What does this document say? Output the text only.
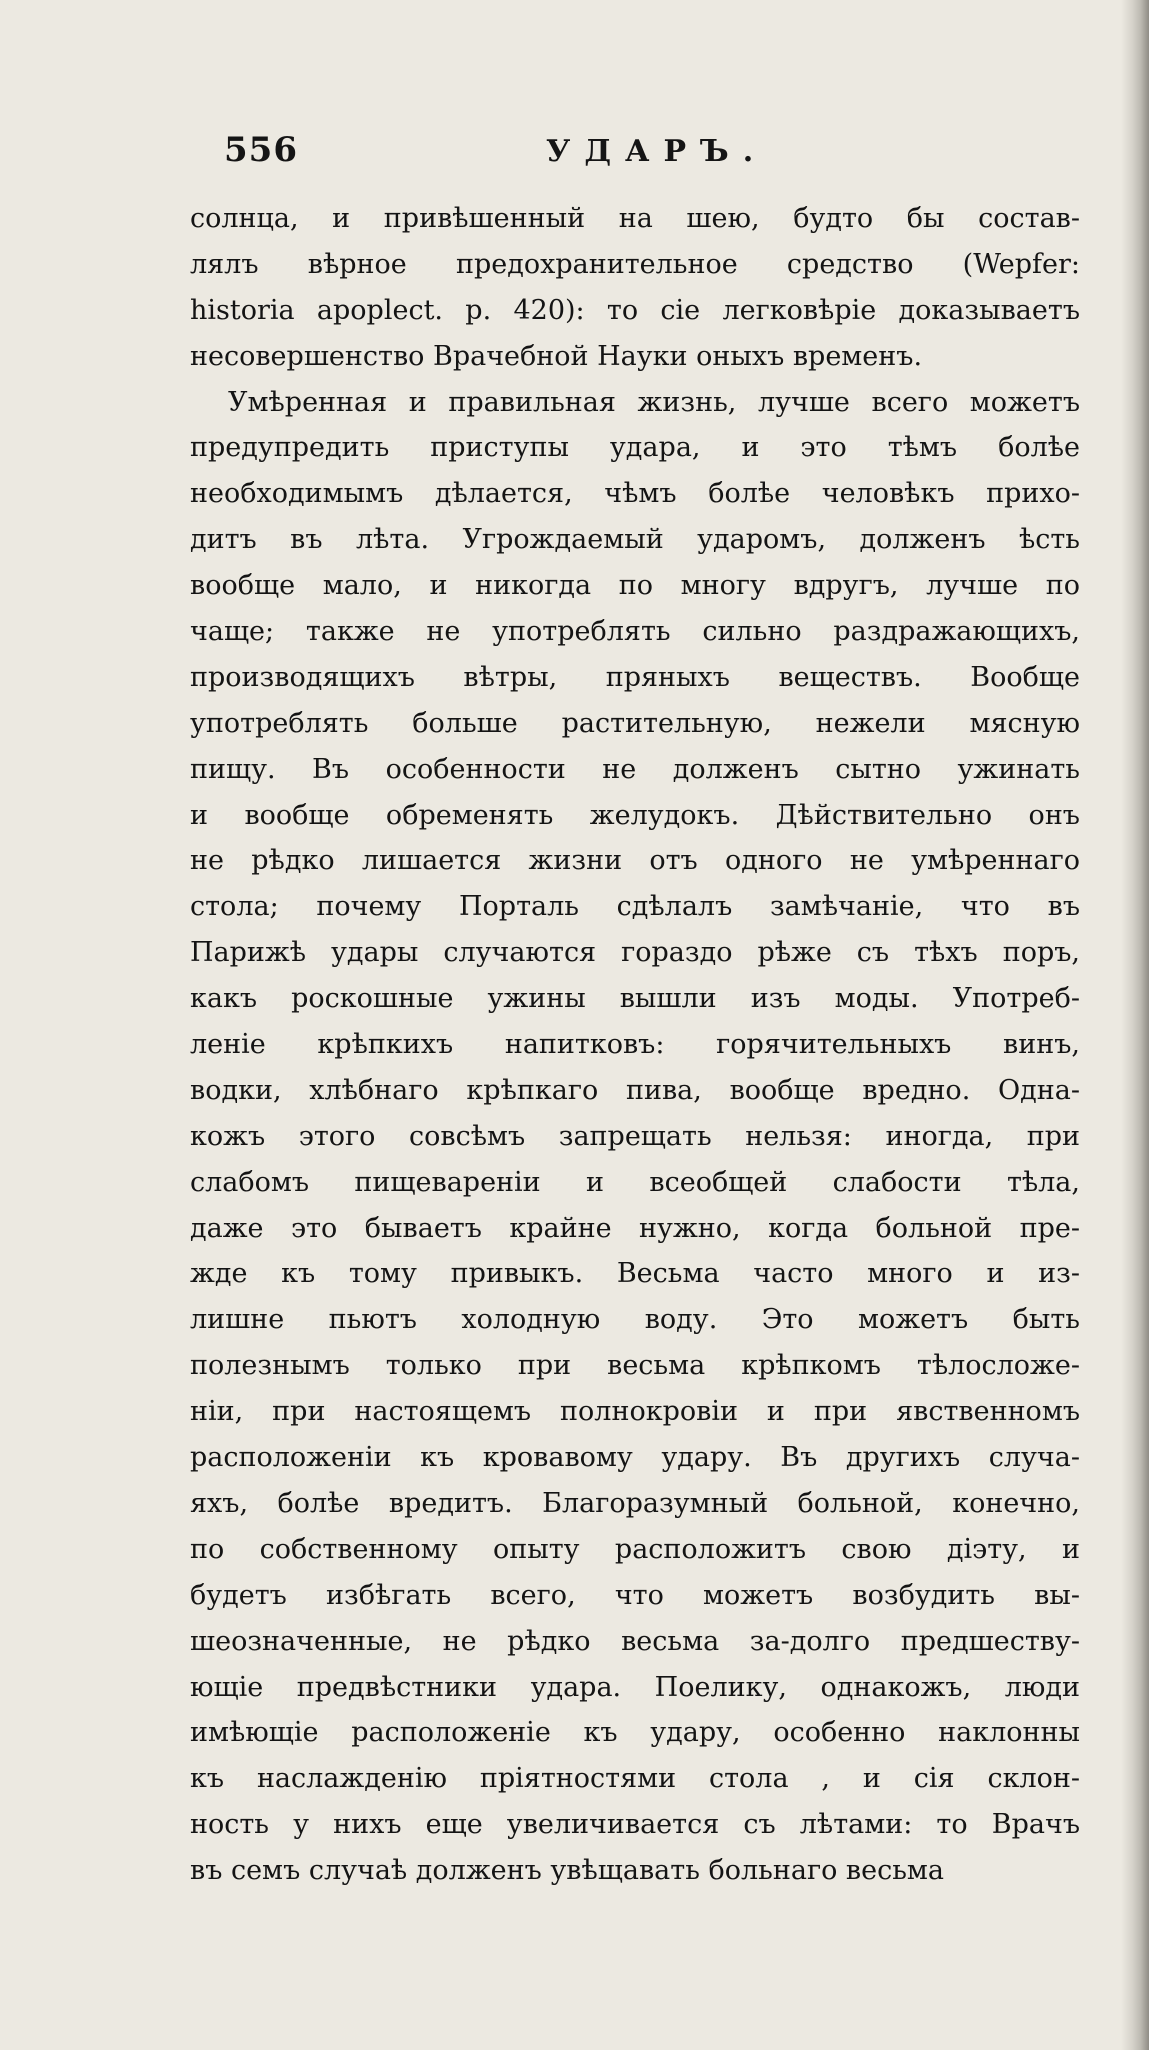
556	УДАРЪ.
солнца, и привѣшенный на шею, будто бы состав-
лялъ вѣрное предохранительное средство (Wepfer:
historia apoplect. p. 420): то сіе легковѣріе доказываетъ
несовершенство Врачебной Науки оныхъ временъ.
Умѣренная и правильная жизнь, лучше всего можетъ
предупредить приступы удара, и это тѣмъ болѣе
необходимымъ дѣлается, чѣмъ болѣе человѣкъ прихо-
дитъ въ лѣта. Угрождаемый ударомъ, долженъ ѣсть
вообще мало, и никогда по многу вдругъ, лучше по
чаще; также не употреблять сильно раздражающихъ,
производящихъ вѣтры, пряныхъ веществъ. Вообще
употреблять больше растительную, нежели мясную
пищу. Въ особенности не долженъ сытно ужинать
и вообще обременять желудокъ. Дѣйствительно онъ
не рѣдко лишается жизни отъ одного не умѣреннаго
стола; почему Порталь сдѣлалъ замѣчаніе, что въ
Парижѣ удары случаются гораздо рѣже съ тѣхъ поръ,
какъ роскошные ужины вышли изъ моды. Употреб-
леніе крѣпкихъ напитковъ: горячительныхъ винъ,
водки, хлѣбнаго крѣпкаго пива, вообще вредно. Одна-
кожъ этого совсѣмъ запрещать нельзя: иногда, при
слабомъ пищевареніи и всеобщей слабости тѣла,
даже это бываетъ крайне нужно, когда больной пре-
жде къ тому привыкъ. Весьма часто много и из-
лишне пьютъ холодную воду. Это можетъ быть
полезнымъ только при весьма крѣпкомъ тѣлосложе-
ніи, при настоящемъ полнокровіи и при явственномъ
расположеніи къ кровавому удару. Въ другихъ случа-
яхъ, болѣе вредитъ. Благоразумный больной, конечно,
по собственному опыту расположитъ свою діэту, и
будетъ избѣгать всего, что можетъ возбудить вы-
шеозначенные, не рѣдко весьма за-долго предшеству-
ющіе предвѣстники удара. Поелику, однакожъ, люди
имѣющіе расположеніе къ удару, особенно наклонны
къ наслажденію пріятностями стола , и сія склон-
ность у нихъ еще увеличивается съ лѣтами: то Врачъ
въ семъ случаѣ долженъ увѣщавать больнаго весьма
